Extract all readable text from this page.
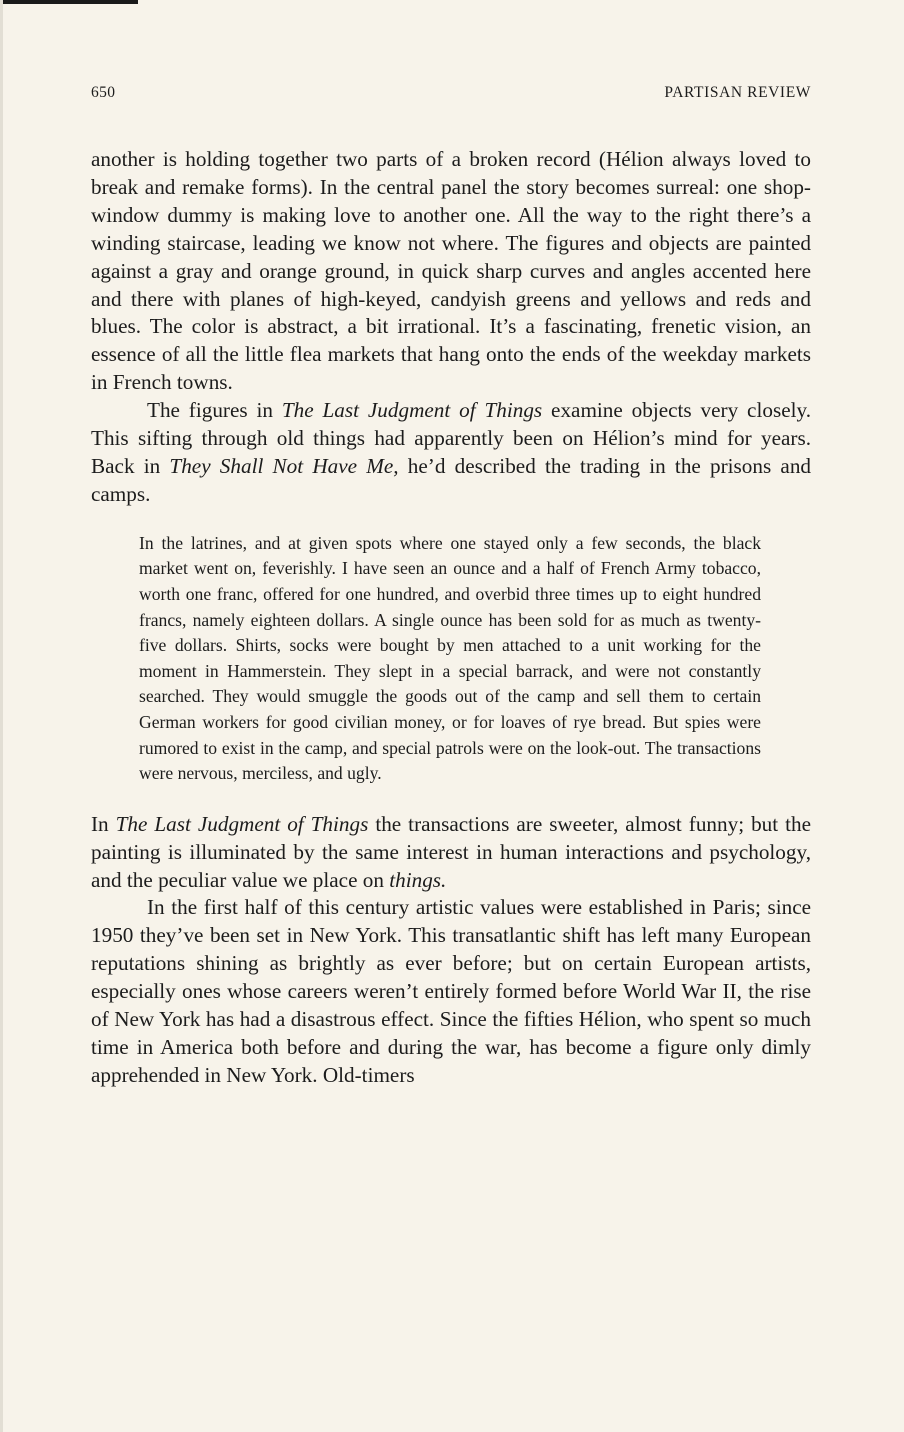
650	PARTISAN REVIEW

another is holding together two parts of a broken record (Hélion always loved to break and remake forms). In the central panel the story becomes surreal: one shop-window dummy is making love to another one. All the way to the right there’s a winding staircase, leading we know not where. The figures and objects are painted against a gray and orange ground, in quick sharp curves and angles accented here and there with planes of high-keyed, candyish greens and yellows and reds and blues. The color is abstract, a bit irrational. It’s a fascinating, frenetic vision, an essence of all the little flea markets that hang onto the ends of the weekday markets in French towns.

The figures in The Last Judgment of Things examine objects very closely. This sifting through old things had apparently been on Hélion’s mind for years. Back in They Shall Not Have Me, he’d described the trading in the prisons and camps.

In the latrines, and at given spots where one stayed only a few seconds, the black market went on, feverishly. I have seen an ounce and a half of French Army tobacco, worth one franc, offered for one hundred, and overbid three times up to eight hundred francs, namely eighteen dollars. A single ounce has been sold for as much as twenty-five dollars. Shirts, socks were bought by men attached to a unit working for the moment in Hammerstein. They slept in a special barrack, and were not constantly searched. They would smuggle the goods out of the camp and sell them to certain German workers for good civilian money, or for loaves of rye bread. But spies were rumored to exist in the camp, and special patrols were on the look-out. The transactions were nervous, merciless, and ugly.

In The Last Judgment of Things the transactions are sweeter, almost funny; but the painting is illuminated by the same interest in human interactions and psychology, and the peculiar value we place on things.

In the first half of this century artistic values were established in Paris; since 1950 they’ve been set in New York. This transatlantic shift has left many European reputations shining as brightly as ever before; but on certain European artists, especially ones whose careers weren’t entirely formed before World War II, the rise of New York has had a disastrous effect. Since the fifties Hélion, who spent so much time in America both before and during the war, has become a figure only dimly apprehended in New York. Old-timers
